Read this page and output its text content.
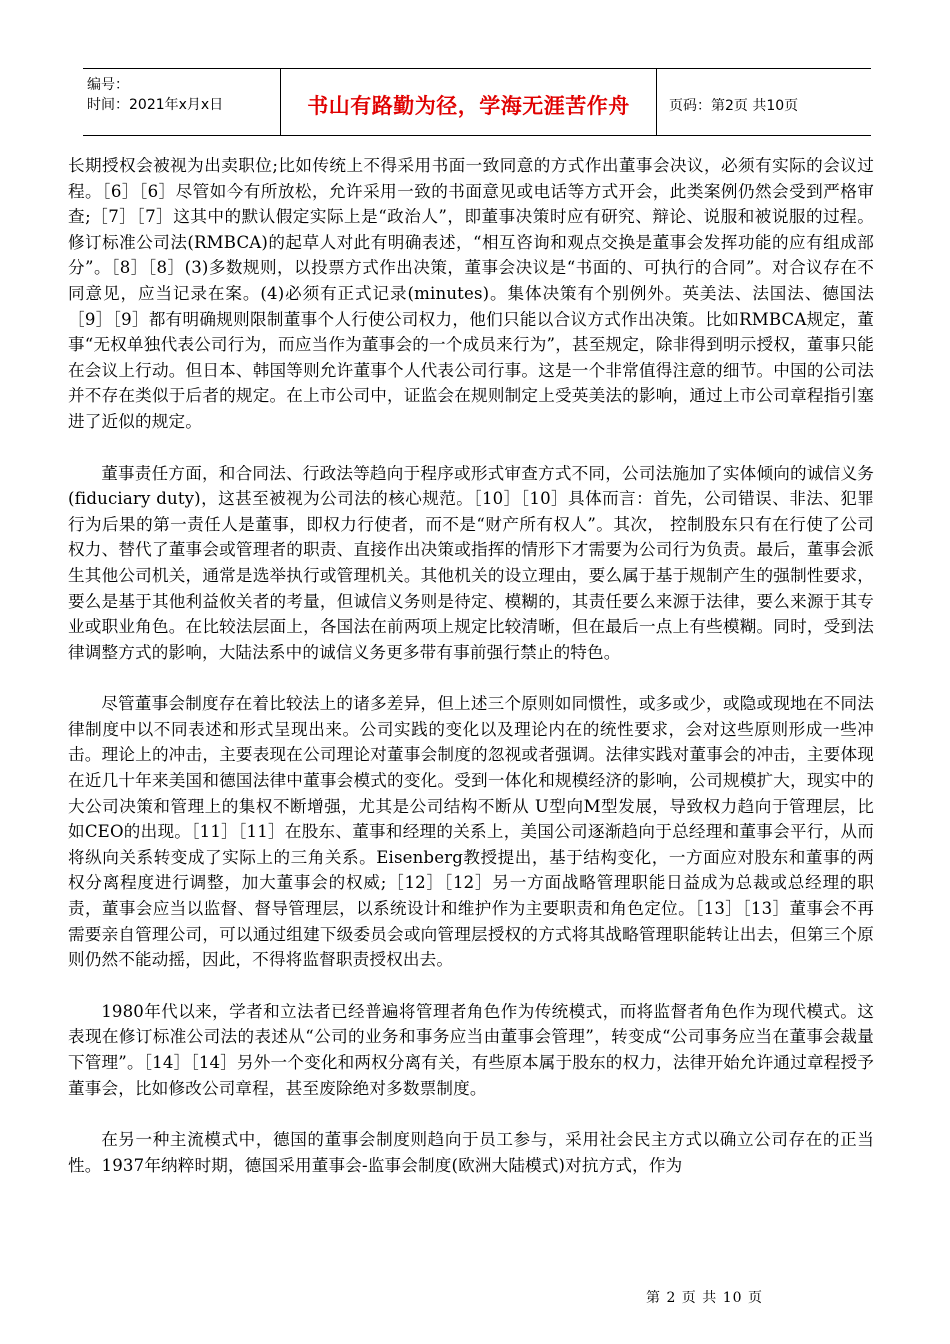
编号：
时间：2021年x月x日	书山有路勤为径，学海无涯苦作舟	页码：第2页 共10页

长期授权会被视为出卖职位;比如传统上不得采用书面一致同意的方式作出董事会决议，必须有实际的会议过程。［6］［6］尽管如今有所放松，允许采用一致的书面意见或电话等方式开会，此类案例仍然会受到严格审查;［7］［7］这其中的默认假定实际上是“政治人”，即董事决策时应有研究、辩论、说服和被说服的过程。修订标准公司法(RMBCA)的起草人对此有明确表述，“相互咨询和观点交换是董事会发挥功能的应有组成部分”。［8］［8］(3)多数规则，以投票方式作出决策，董事会决议是“书面的、可执行的合同”。对合议存在不同意见，应当记录在案。(4)必须有正式记录(minutes)。集体决策有个别例外。英美法、法国法、德国法［9］［9］都有明确规则限制董事个人行使公司权力，他们只能以合议方式作出决策。比如RMBCA规定，董事“无权单独代表公司行为，而应当作为董事会的一个成员来行为”，甚至规定，除非得到明示授权，董事只能在会议上行动。但日本、韩国等则允许董事个人代表公司行事。这是一个非常值得注意的细节。中国的公司法并不存在类似于后者的规定。在上市公司中，证监会在规则制定上受英美法的影响，通过上市公司章程指引塞进了近似的规定。

董事责任方面，和合同法、行政法等趋向于程序或形式审查方式不同，公司法施加了实体倾向的诚信义务(fiduciary duty)，这甚至被视为公司法的核心规范。［10］［10］具体而言：首先，公司错误、非法、犯罪行为后果的第一责任人是董事，即权力行使者，而不是“财产所有权人”。其次， 控制股东只有在行使了公司权力、替代了董事会或管理者的职责、直接作出决策或指挥的情形下才需要为公司行为负责。最后，董事会派生其他公司机关，通常是选举执行或管理机关。其他机关的设立理由，要么属于基于规制产生的强制性要求，要么是基于其他利益攸关者的考量，但诚信义务则是待定、模糊的，其责任要么来源于法律，要么来源于其专业或职业角色。在比较法层面上，各国法在前两项上规定比较清晰，但在最后一点上有些模糊。同时，受到法律调整方式的影响，大陆法系中的诚信义务更多带有事前强行禁止的特色。

尽管董事会制度存在着比较法上的诸多差异，但上述三个原则如同惯性，或多或少，或隐或现地在不同法律制度中以不同表述和形式呈现出来。公司实践的变化以及理论内在的统性要求，会对这些原则形成一些冲击。理论上的冲击，主要表现在公司理论对董事会制度的忽视或者强调。法律实践对董事会的冲击，主要体现在近几十年来美国和德国法律中董事会模式的变化。受到一体化和规模经济的影响，公司规模扩大，现实中的大公司决策和管理上的集权不断增强，尤其是公司结构不断从 U型向M型发展，导致权力趋向于管理层，比如CEO的出现。［11］［11］在股东、董事和经理的关系上，美国公司逐渐趋向于总经理和董事会平行，从而将纵向关系转变成了实际上的三角关系。Eisenberg教授提出，基于结构变化，一方面应对股东和董事的两权分离程度进行调整，加大董事会的权威;［12］［12］另一方面战略管理职能日益成为总裁或总经理的职责，董事会应当以监督、督导管理层，以系统设计和维护作为主要职责和角色定位。［13］［13］董事会不再需要亲自管理公司，可以通过组建下级委员会或向管理层授权的方式将其战略管理职能转让出去，但第三个原则仍然不能动摇，因此，不得将监督职责授权出去。

1980年代以来，学者和立法者已经普遍将管理者角色作为传统模式，而将监督者角色作为现代模式。这表现在修订标准公司法的表述从“公司的业务和事务应当由董事会管理”，转变成“公司事务应当在董事会裁量下管理”。［14］［14］另外一个变化和两权分离有关，有些原本属于股东的权力，法律开始允许通过章程授予董事会，比如修改公司章程，甚至废除绝对多数票制度。

在另一种主流模式中，德国的董事会制度则趋向于员工参与，采用社会民主方式以确立公司存在的正当性。1937年纳粹时期，德国采用董事会-监事会制度(欧洲大陆模式)对抗方式，作为

第 2 页 共 10 页
